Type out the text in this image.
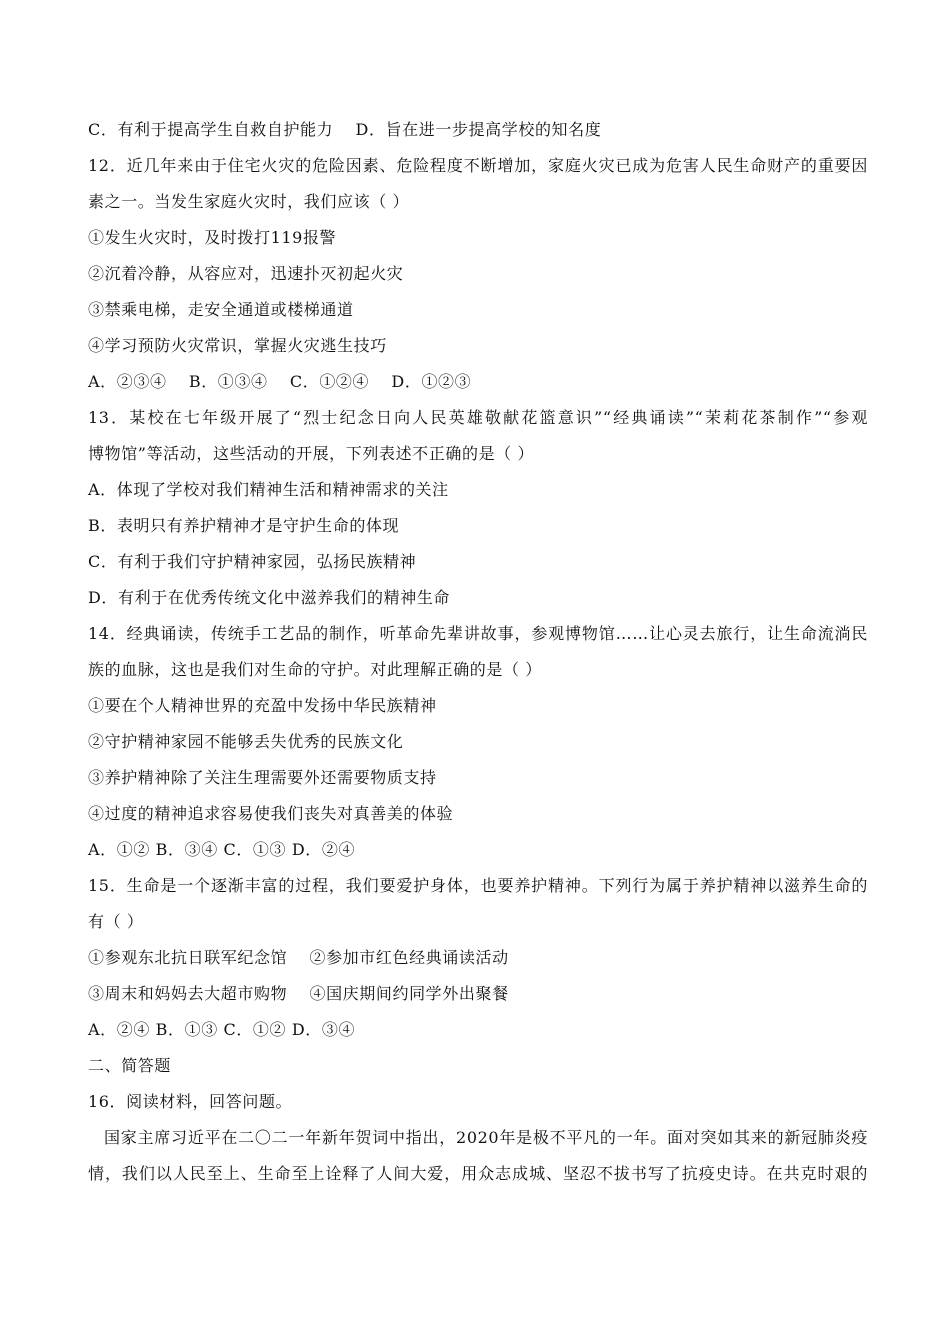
C．有利于提高学生自救自护能力　 D．旨在进一步提高学校的知名度
12．近几年来由于住宅火灾的危险因素、危险程度不断增加，家庭火灾已成为危害人民生命财产的重要因
素之一。当发生家庭火灾时，我们应该（ ）
①发生火灾时，及时拨打119报警
②沉着冷静，从容应对，迅速扑灭初起火灾
③禁乘电梯，走安全通道或楼梯通道
④学习预防火灾常识，掌握火灾逃生技巧
A．②③④　 B．①③④　 C．①②④　 D．①②③
13．某校在七年级开展了“烈士纪念日向人民英雄敬献花篮意识”“经典诵读”“茉莉花茶制作”“参观
博物馆”等活动，这些活动的开展，下列表述不正确的是（ ）
A．体现了学校对我们精神生活和精神需求的关注
B．表明只有养护精神才是守护生命的体现
C．有利于我们守护精神家园，弘扬民族精神
D．有利于在优秀传统文化中滋养我们的精神生命
14．经典诵读，传统手工艺品的制作，听革命先辈讲故事，参观博物馆……让心灵去旅行，让生命流淌民
族的血脉，这也是我们对生命的守护。对此理解正确的是（ ）
①要在个人精神世界的充盈中发扬中华民族精神
②守护精神家园不能够丢失优秀的民族文化
③养护精神除了关注生理需要外还需要物质支持
④过度的精神追求容易使我们丧失对真善美的体验
A．①② B．③④ C．①③ D．②④
15．生命是一个逐渐丰富的过程，我们要爱护身体，也要养护精神。下列行为属于养护精神以滋养生命的
有（ ）
①参观东北抗日联军纪念馆　 ②参加市红色经典诵读活动
③周末和妈妈去大超市购物　 ④国庆期间约同学外出聚餐
A．②④ B．①③ C．①② D．③④
二、简答题
16．阅读材料，回答问题。
国家主席习近平在二〇二一年新年贺词中指出，2020年是极不平凡的一年。面对突如其来的新冠肺炎疫
情，我们以人民至上、生命至上诠释了人间大爱，用众志成城、坚忍不拔书写了抗疫史诗。在共克时艰的
